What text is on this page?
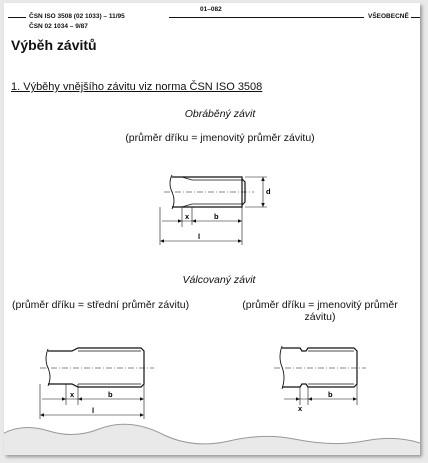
ČSN ISO 3508 (02 1033) – 11/95
01–082
VŠEOBECNĚ
ČSN 02 1034 – 9/87
Výběh závitů
1. Výběhy vnějšího závitu viz norma ČSN ISO 3508
Obráběný závit
(průměr dříku = jmenovitý průměr závitu)
x	b
l
d
Válcovaný závit
(průměr dříku = střední průměr závitu)	(průměr dříku = jmenovitý průměr závitu)
x	b
l	x
b
